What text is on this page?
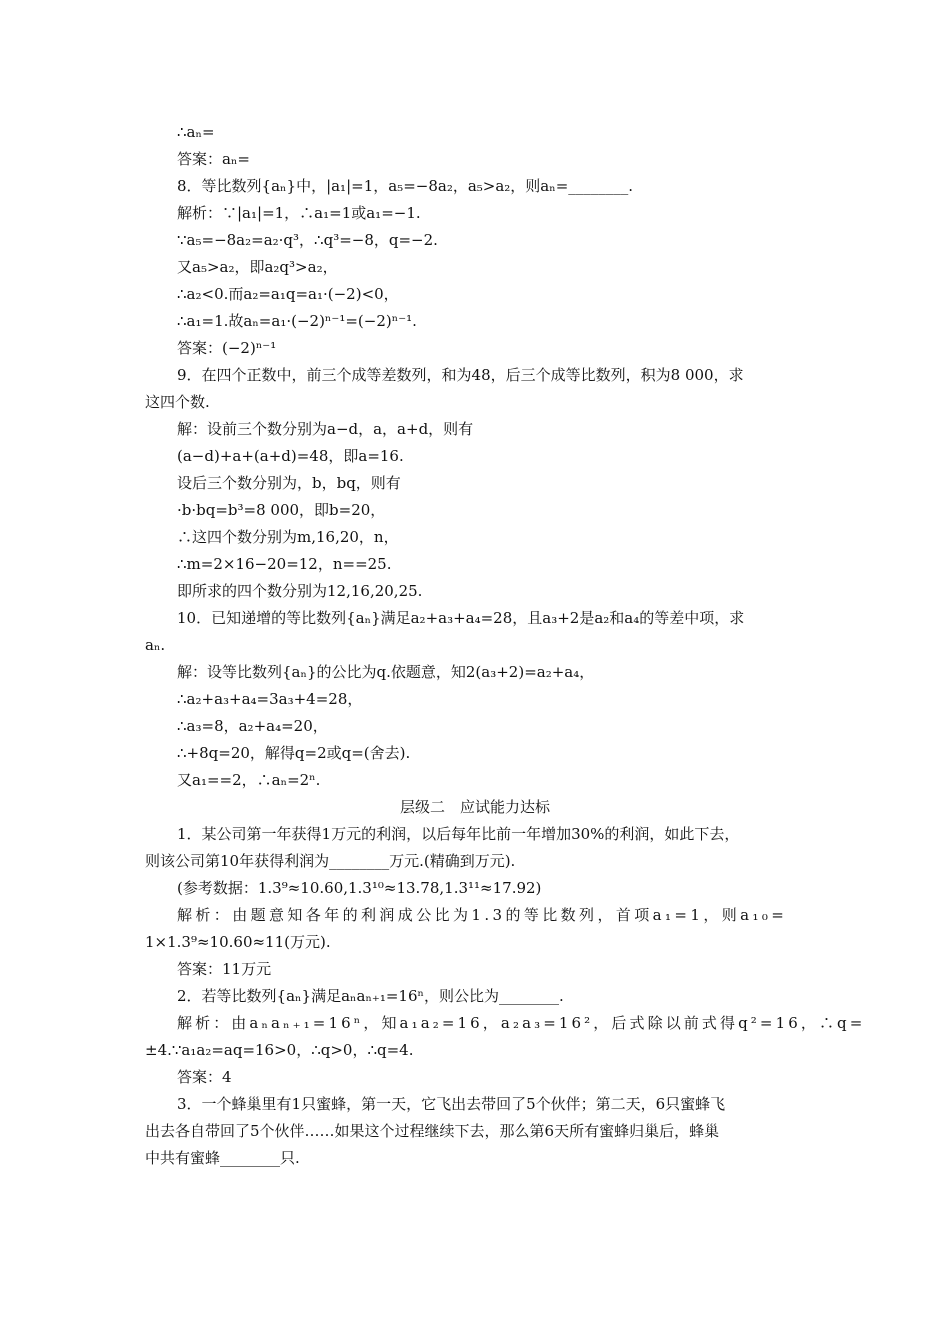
∴aₙ=
答案：aₙ=
8．等比数列{aₙ}中，|a₁|=1，a₅=−8a₂，a₅>a₂，则aₙ=________.
解析：∵|a₁|=1，∴a₁=1或a₁=−1.
∵a₅=−8a₂=a₂·q³，∴q³=−8，q=−2.
又a₅>a₂，即a₂q³>a₂，
∴a₂<0.而a₂=a₁q=a₁·(−2)<0，
∴a₁=1.故aₙ=a₁·(−2)ⁿ⁻¹=(−2)ⁿ⁻¹.
答案：(−2)ⁿ⁻¹
9．在四个正数中，前三个成等差数列，和为48，后三个成等比数列，积为8 000，求
这四个数.
解：设前三个数分别为a−d，a，a+d，则有
(a−d)+a+(a+d)=48，即a=16.
设后三个数分别为，b，bq，则有
·b·bq=b³=8 000，即b=20，
∴这四个数分别为m,16,20，n，
∴m=2×16−20=12，n==25.
即所求的四个数分别为12,16,20,25.
10．已知递增的等比数列{aₙ}满足a₂+a₃+a₄=28，且a₃+2是a₂和a₄的等差中项，求
aₙ.
解：设等比数列{aₙ}的公比为q.依题意，知2(a₃+2)=a₂+a₄，
∴a₂+a₃+a₄=3a₃+4=28，
∴a₃=8，a₂+a₄=20，
∴+8q=20，解得q=2或q=(舍去).
又a₁==2，∴aₙ=2ⁿ.
层级二　应试能力达标
1．某公司第一年获得1万元的利润，以后每年比前一年增加30%的利润，如此下去，
则该公司第10年获得利润为________万元.(精确到万元).
(参考数据：1.3⁹≈10.60,1.3¹⁰≈13.78,1.3¹¹≈17.92)
解析：由题意知各年的利润成公比为1.3的等比数列，首项a₁=1，则a₁₀=
1×1.3⁹≈10.60≈11(万元).
答案：11万元
2．若等比数列{aₙ}满足aₙaₙ₊₁=16ⁿ，则公比为________.
解析：由aₙaₙ₊₁=16ⁿ，知a₁a₂=16，a₂a₃=16²，后式除以前式得q²=16，∴q=
±4.∵a₁a₂=aq=16>0，∴q>0，∴q=4.
答案：4
3．一个蜂巢里有1只蜜蜂，第一天，它飞出去带回了5个伙伴；第二天，6只蜜蜂飞
出去各自带回了5个伙伴……如果这个过程继续下去，那么第6天所有蜜蜂归巢后，蜂巢
中共有蜜蜂________只.
